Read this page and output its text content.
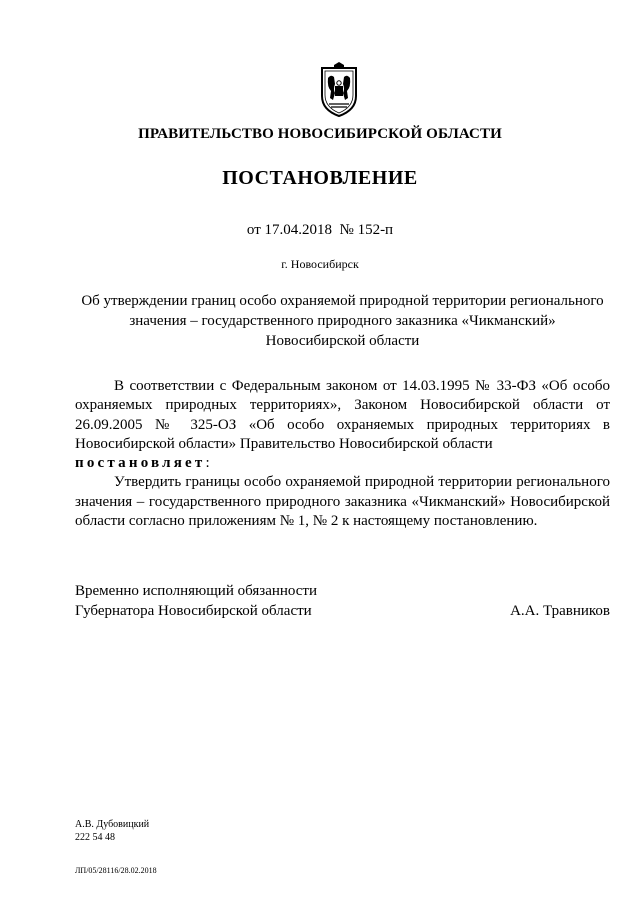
ПРАВИТЕЛЬСТВО НОВОСИБИРСКОЙ ОБЛАСТИ
ПОСТАНОВЛЕНИЕ
от 17.04.2018 № 152-п
г. Новосибирск
Об утверждении границ особо охраняемой природной территории регионального
значения – государственного природного заказника «Чикманский»
Новосибирской области

В соответствии с Федеральным законом от 14.03.1995 № 33-ФЗ «Об особо охраняемых природных территориях», Законом Новосибирской области от 26.09.2005 № 325-ОЗ «Об особо охраняемых природных территориях в Новосибирской области» Правительство Новосибирской области

постановляет:

Утвердить границы особо охраняемой природной территории регионального значения – государственного природного заказника «Чикманский» Новосибирской области согласно приложениям № 1, № 2 к настоящему постановлению.

Временно исполняющий обязанности
Губернатора Новосибирской области	А.А. Травников
А.В. Дубовицкий
222 54 48
ЛП/05/28116/28.02.2018
